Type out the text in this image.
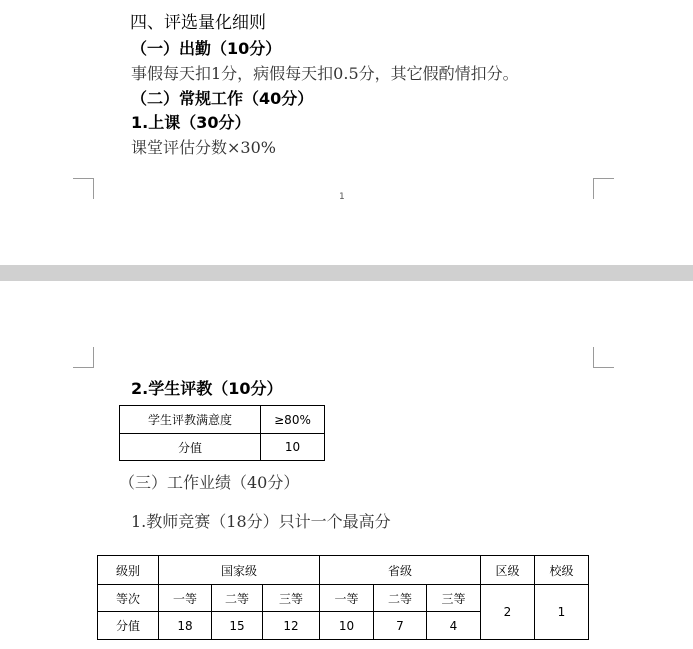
四、评选量化细则
（一）出勤（10分）
事假每天扣1分，病假每天扣0.5分，其它假酌情扣分。
（二）常规工作（40分）
1.上课（30分）
课堂评估分数×30%
1
2.学生评教（10分）
学生评教满意度	≥80%
分值	10
（三）工作业绩（40分）
1.教师竞赛（18分）只计一个最高分
级别	国家级			省级			区级	校级
等次	一等	二等	三等	一等	二等	三等	2	1
分值	18	15	12	10	7	4		
